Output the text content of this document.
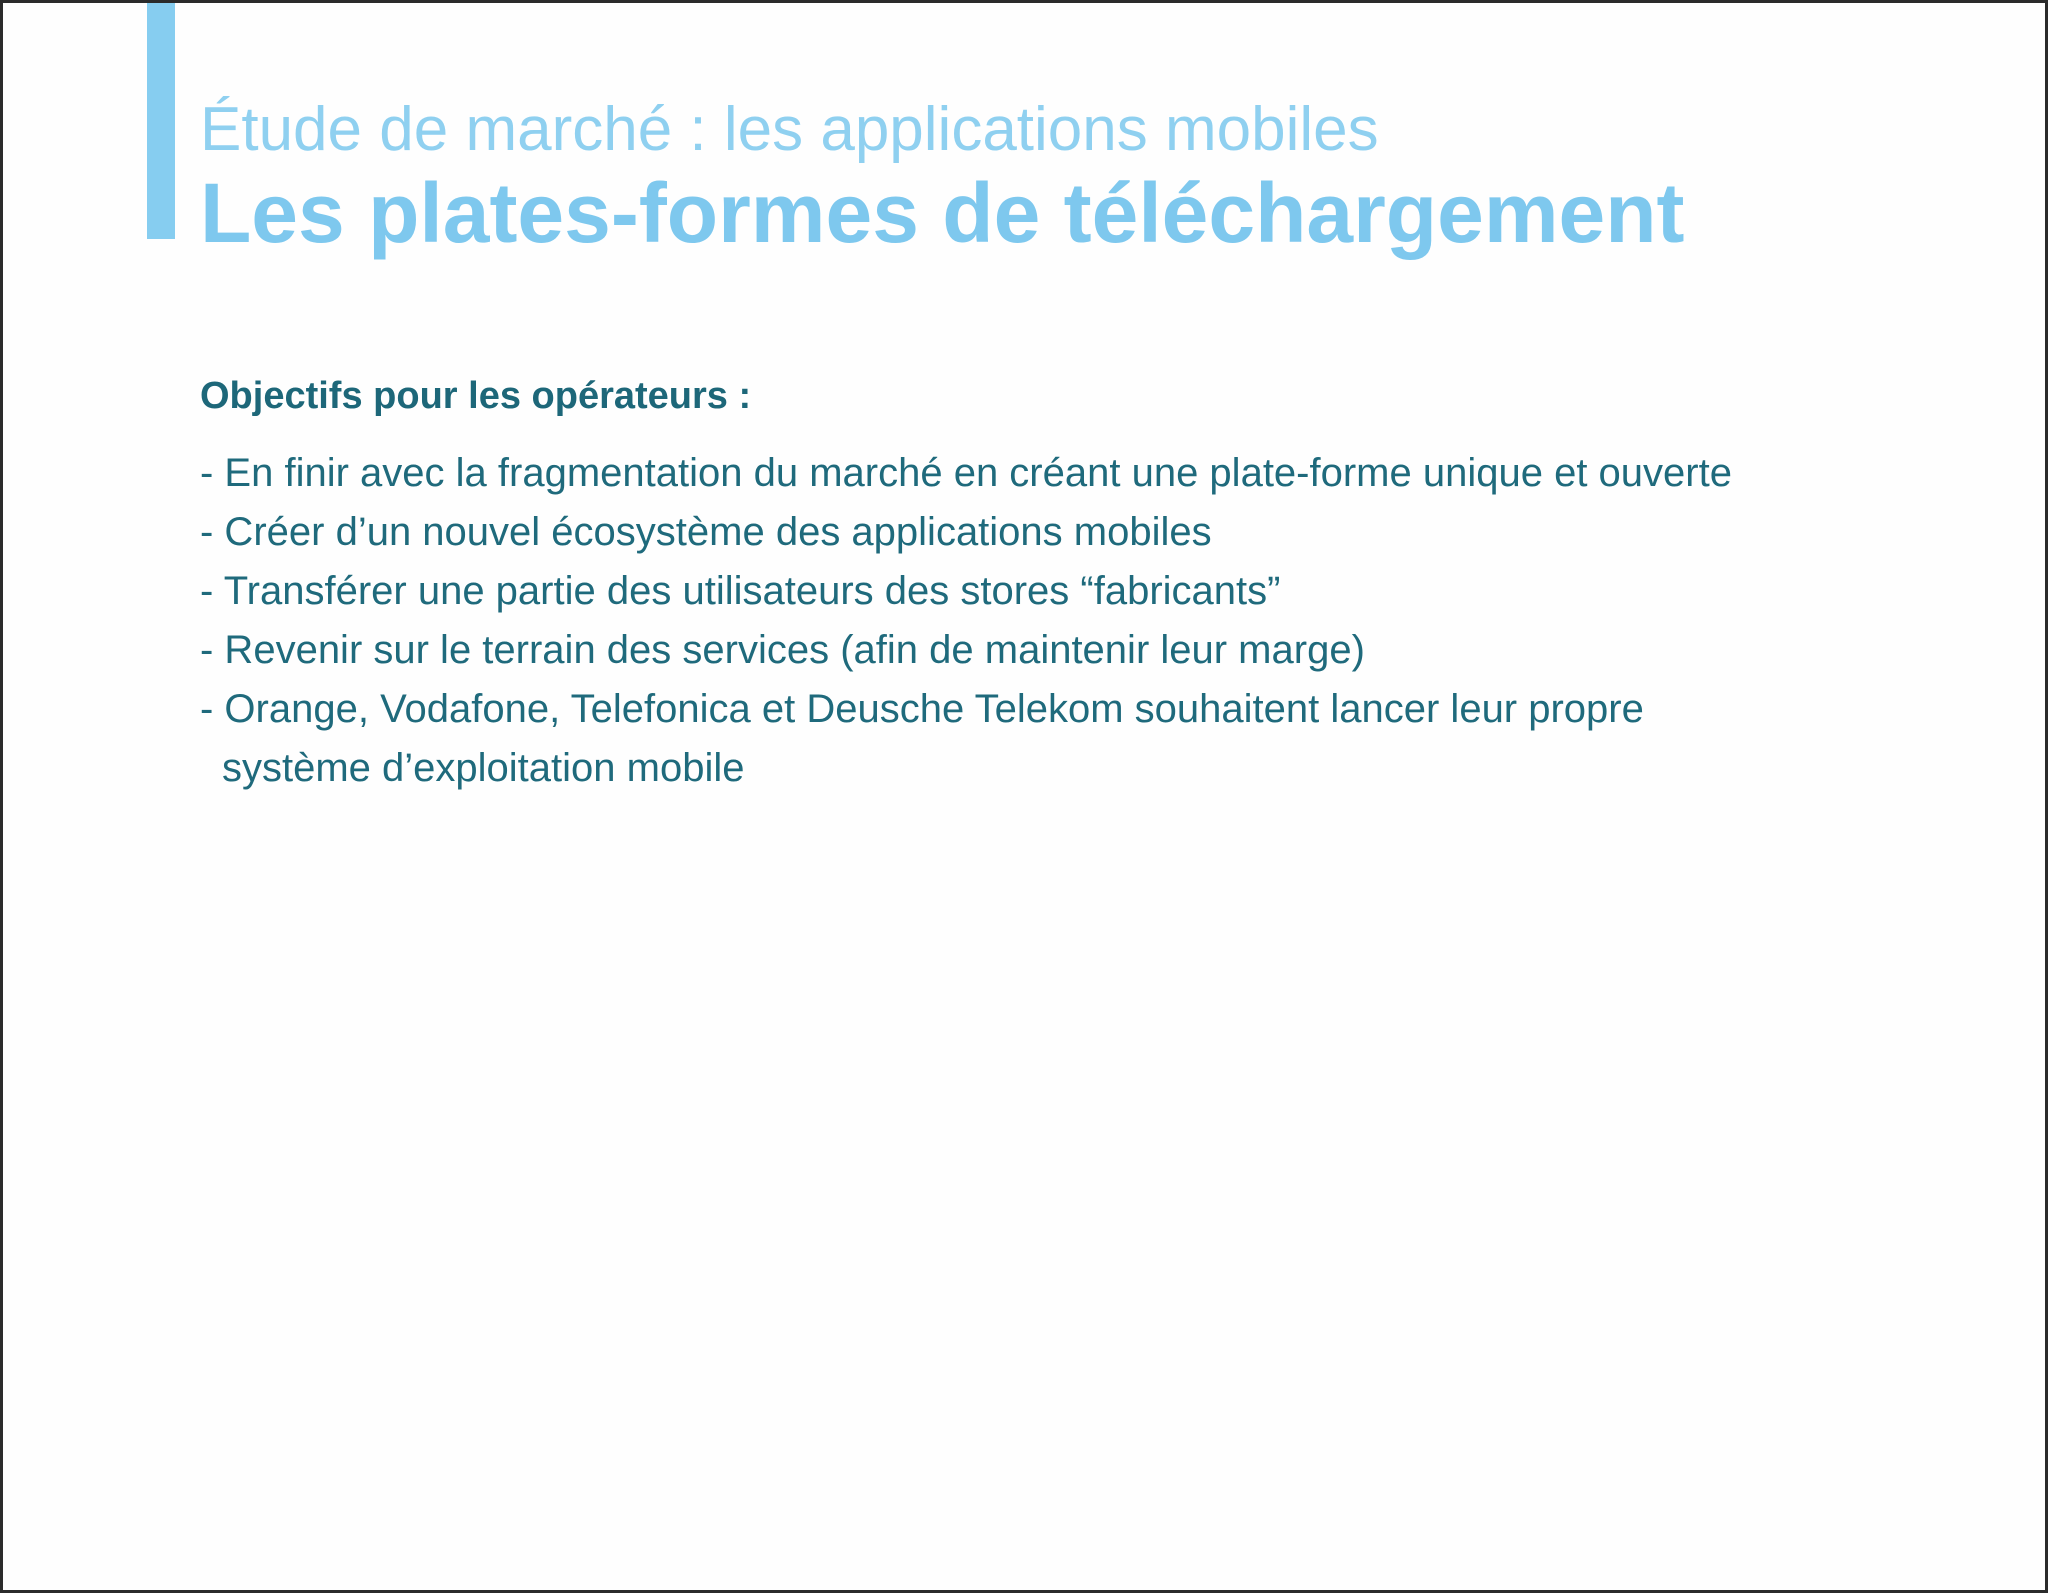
Étude de marché : les applications mobiles
Les plates-formes de téléchargement
Objectifs pour les opérateurs :
- En finir avec la fragmentation du marché en créant une plate-forme unique et ouverte
- Créer d’un nouvel écosystème des applications mobiles
- Transférer une partie des utilisateurs des stores “fabricants”
- Revenir sur le terrain des services (afin de maintenir leur marge)
- Orange, Vodafone, Telefonica et Deusche Telekom souhaitent lancer leur propre
système d’exploitation mobile
